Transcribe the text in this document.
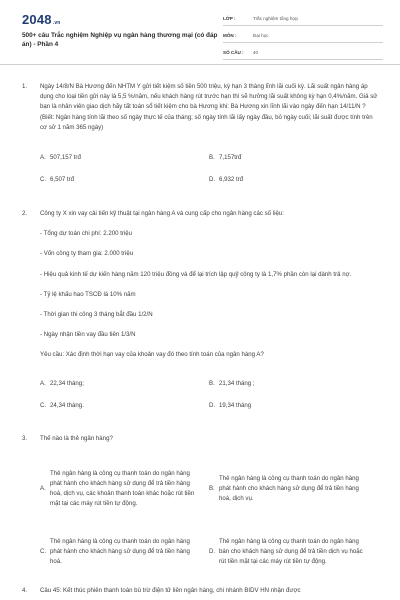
2048.vn
500+ câu Trắc nghiệm Nghiệp vụ ngân hàng thương mại (có đáp án) - Phần 4
LỚP :	Trắc nghiệm tổng hợp
MÔN :	Đại học
SỐ CÂU :	40
1.	Ngày 14/8/N Bà Hương đến NHTM Y gửi tiết kiệm số tiền 500 triệu, kỳ hạn 3 tháng lĩnh lãi cuối kỳ. Lãi suất ngân hàng áp dụng cho loại tiền gửi này là 5,5 %/năm, nếu khách hàng rút trước hạn thì sẽ hưởng lãi suất không kỳ hạn 0,4%/năm. Giả sử bạn là nhân viên giao dịch hãy tất toán sổ tiết kiệm cho bà Hương khi: Bà Hương xin lĩnh lãi vào ngày đến hạn 14/11/N ?(Biết: Ngân hàng tính lãi theo số ngày thực tế của tháng; số ngày tính lãi lấy ngày đầu, bỏ ngày cuối; lãi suất được tính trên cơ sở 1 năm 365 ngày)
A. 507,157 trđ	B. 7,157trđ
C. 6,507 trđ	D. 6,932 trđ
2.	Công ty X xin vay cải tiến kỹ thuật tại ngân hàng A và cung cấp cho ngân hàng các số liệu:

- Tổng dự toán chi phí: 2.200 triệu

- Vốn công ty tham gia: 2.000 triệu

- Hiệu quả kinh tế dự kiến hàng năm 120 triệu đồng và để lại trích lập quỹ công ty là 1,7% phần còn lại dành trả nợ.

- Tỷ lệ khấu hao TSCĐ là 10% năm

- Thời gian thi công 3 tháng bắt đầu 1/2/N

- Ngày nhận tiền vay đầu tiên 1/3/N

Yêu cầu: Xác định thời hạn vay của khoản vay đó theo tính toán của ngân hàng A?

A. 22,34 tháng;	B. 21,34 tháng ;
C. 24,34 tháng.	D. 19,34 tháng
3.	Thế nào là thẻ ngân hàng?
A.
Thẻ ngân hàng là công cụ thanh toán do ngân hàng phát hành cho khách hàng sử dụng để trả tiền hàng hoá, dịch vụ, các khoản thanh toán khác hoặc rút tiền mặt tại các máy rút tiền tự động.
B.
Thẻ ngân hàng là công cụ thanh toán do ngân hàng phát hành cho khách hàng sử dụng để trả tiền hàng hoá, dịch vụ.
C.
Thẻ ngân hàng là công cụ thanh toán do ngân hàng phát hành cho khách hàng sử dụng để trả tiền hàng hoá.
D.
Thẻ ngân hàng là công cụ thanh toán do ngân hàng bán cho khách hàng sử dụng để trả tiền dịch vụ hoặc rút tiền mặt tại các máy rút tiền tự động.
4.	Câu 45: Kết thúc phiên thanh toán bù trừ điện tử liên ngân hàng, chi nhánh BIDV HN nhận được
